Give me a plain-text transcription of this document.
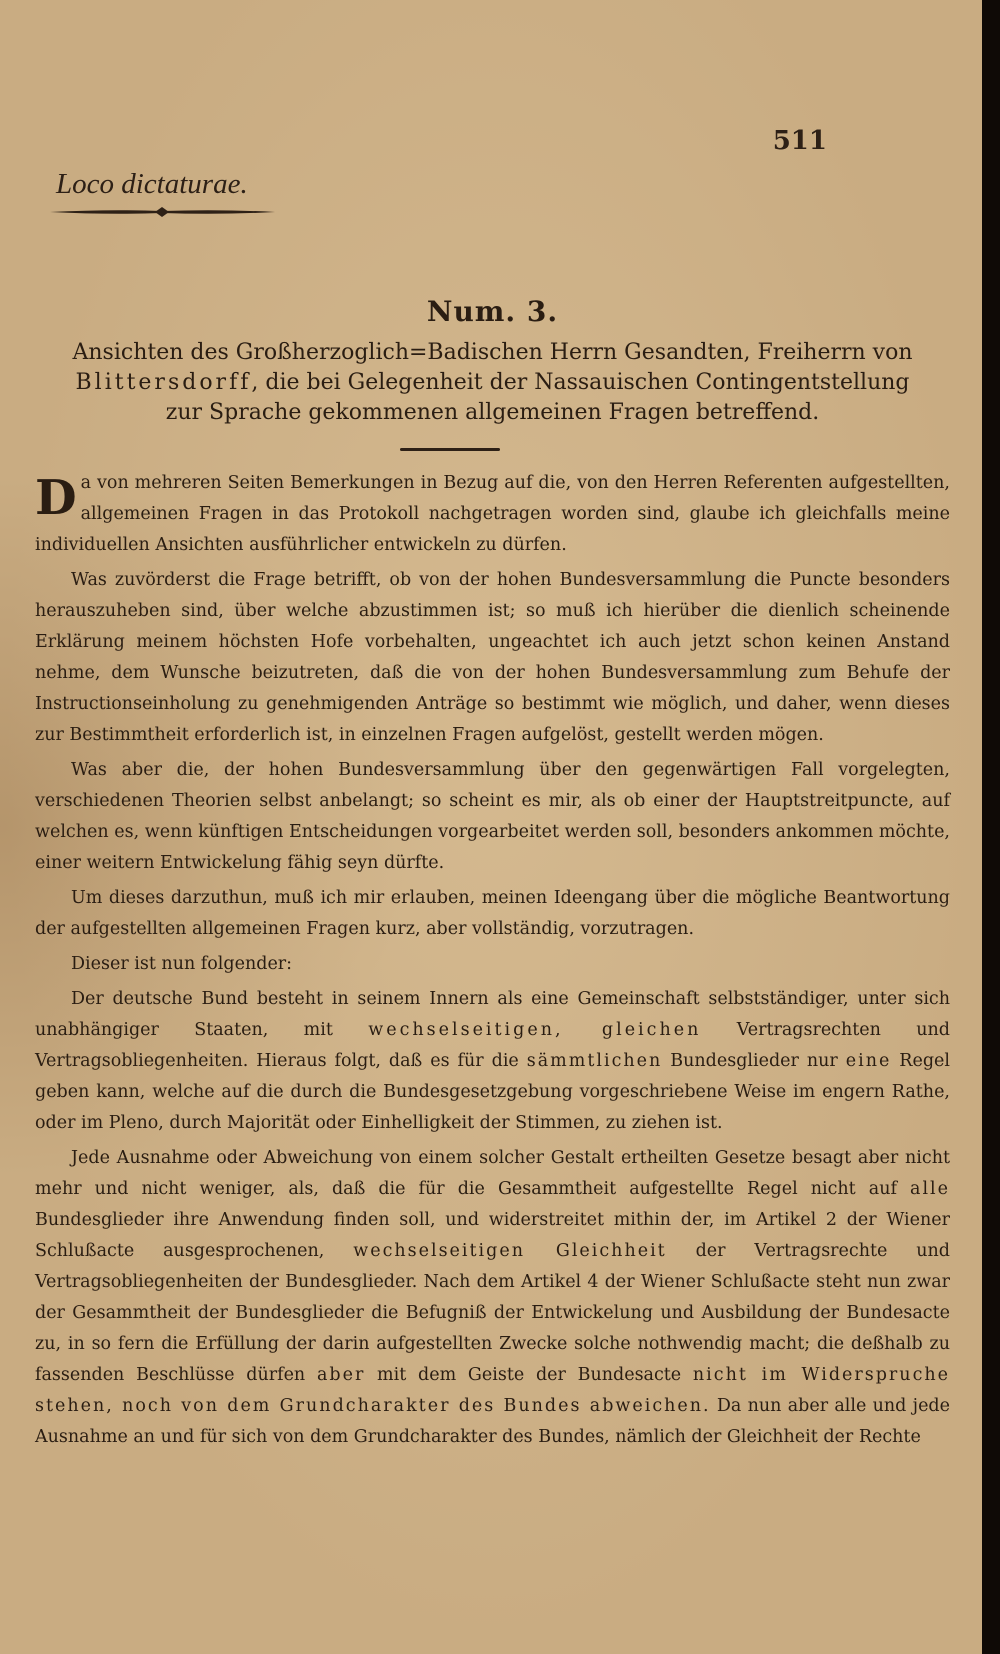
511
Loco dictaturae.
Num. 3.
Ansichten des Großherzoglich=Badischen Herrn Gesandten, Freiherrn von
Blittersdorff, die bei Gelegenheit der Nassauischen Contingentstellung
zur Sprache gekommenen allgemeinen Fragen betreffend.

Da von mehreren Seiten Bemerkungen in Bezug auf die, von den Herren Referenten aufgestellten, allgemeinen Fragen in das Protokoll nachgetragen worden sind, glaube ich gleichfalls meine individuellen Ansichten ausführlicher entwickeln zu dürfen.

Was zuvörderst die Frage betrifft, ob von der hohen Bundesversammlung die Puncte besonders herauszuheben sind, über welche abzustimmen ist; so muß ich hierüber die dienlich scheinende Erklärung meinem höchsten Hofe vorbehalten, ungeachtet ich auch jetzt schon keinen Anstand nehme, dem Wunsche beizutreten, daß die von der hohen Bundesversammlung zum Behufe der Instructionseinholung zu genehmigenden Anträge so bestimmt wie möglich, und daher, wenn dieses zur Bestimmtheit erforderlich ist, in einzelnen Fragen aufgelöst, gestellt werden mögen.

Was aber die, der hohen Bundesversammlung über den gegenwärtigen Fall vorgelegten, verschiedenen Theorien selbst anbelangt; so scheint es mir, als ob einer der Hauptstreitpuncte, auf welchen es, wenn künftigen Entscheidungen vorgearbeitet werden soll, besonders ankommen möchte, einer weitern Entwickelung fähig seyn dürfte.

Um dieses darzuthun, muß ich mir erlauben, meinen Ideengang über die mögliche Beantwortung der aufgestellten allgemeinen Fragen kurz, aber vollständig, vorzutragen.

Dieser ist nun folgender:

Der deutsche Bund besteht in seinem Innern als eine Gemeinschaft selbstständiger, unter sich unabhängiger Staaten, mit wechselseitigen, gleichen Vertragsrechten und Vertragsobliegenheiten. Hieraus folgt, daß es für die sämmtlichen Bundesglieder nur eine Regel geben kann, welche auf die durch die Bundesgesetzgebung vorgeschriebene Weise im engern Rathe, oder im Pleno, durch Majorität oder Einhelligkeit der Stimmen, zu ziehen ist.

Jede Ausnahme oder Abweichung von einem solcher Gestalt ertheilten Gesetze besagt aber nicht mehr und nicht weniger, als, daß die für die Gesammtheit aufgestellte Regel nicht auf alle Bundesglieder ihre Anwendung finden soll, und widerstreitet mithin der, im Artikel 2 der Wiener Schlußacte ausgesprochenen, wechselseitigen Gleichheit der Vertragsrechte und Vertragsobliegenheiten der Bundesglieder. Nach dem Artikel 4 der Wiener Schlußacte steht nun zwar der Gesammtheit der Bundesglieder die Befugniß der Entwickelung und Ausbildung der Bundesacte zu, in so fern die Erfüllung der darin aufgestellten Zwecke solche nothwendig macht; die deßhalb zu fassenden Beschlüsse dürfen aber mit dem Geiste der Bundesacte nicht im Widerspruche stehen, noch von dem Grundcharakter des Bundes abweichen. Da nun aber alle und jede Ausnahme an und für sich von dem Grundcharakter des Bundes, nämlich der Gleichheit der Rechte
